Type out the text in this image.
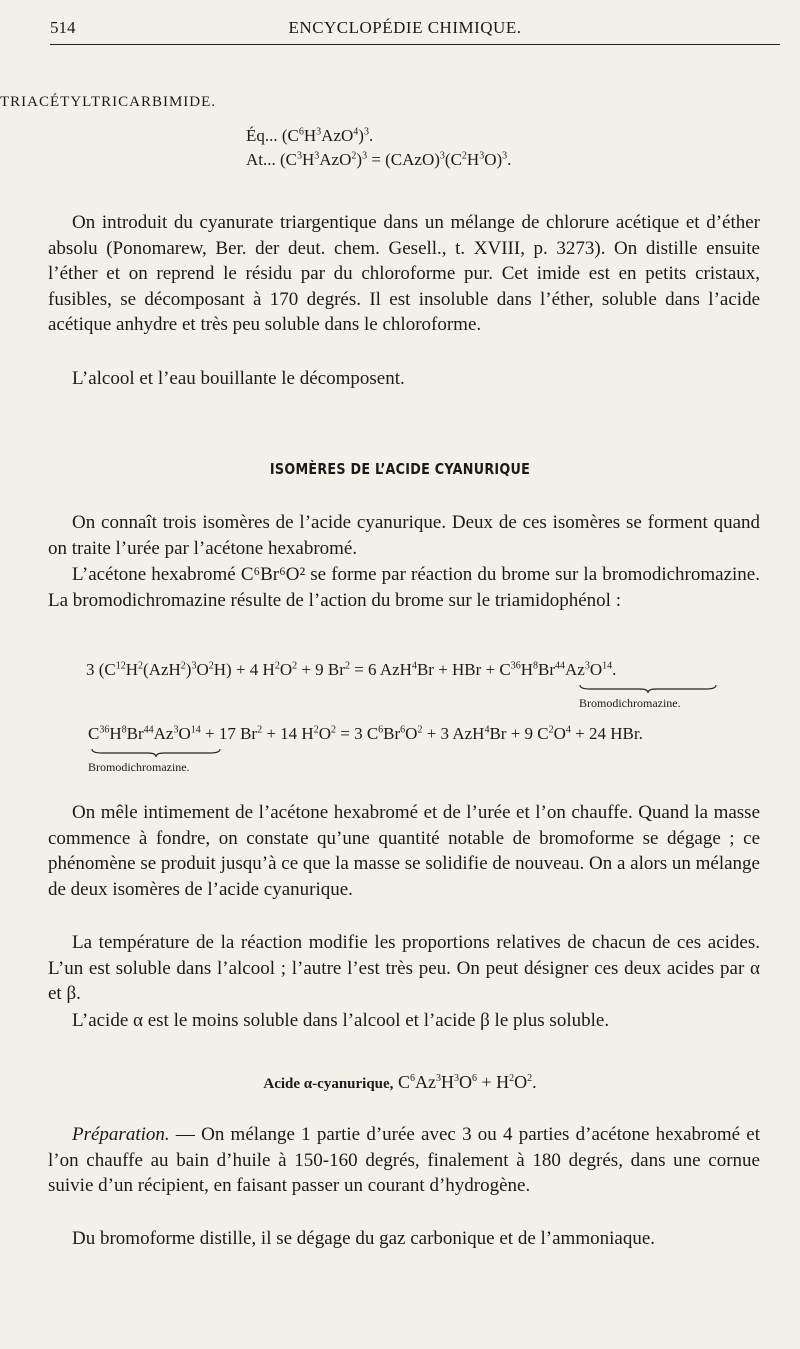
514	ENCYCLOPÉDIE CHIMIQUE.
TRIACÉTYLTRICARBIMIDE.
Éq... $(C^6H^3AzO^4)^3$.
At... $(C^3H^3AzO^2)^3$ = $(CAzO)^3(C^2H^3O)^3$.
On introduit du cyanurate triargentique dans un mélange de chlorure acétique et d’éther absolu (Ponomarew, Ber. der deut. chem. Gesell., t. XVIII, p. 3273). On distille ensuite l’éther et on reprend le résidu par du chloroforme pur. Cet imide est en petits cristaux, fusibles, se décomposant à 170 degrés. Il est insoluble dans l’éther, soluble dans l’acide acétique anhydre et très peu soluble dans le chloroforme.
L’alcool et l’eau bouillante le décomposent.
ISOMÈRES DE L’ACIDE CYANURIQUE
On connaît trois isomères de l’acide cyanurique. Deux de ces isomères se forment quand on traite l’urée par l’acétone hexabromé.
L’acétone hexabromé C⁶Br⁶O² se forme par réaction du brome sur la bromodichromazine. La bromodichromazine résulte de l’action du brome sur le triamidophénol :
3 $(C^{12}H^2(AzH^2)^3O^2H) + 4$ $H^2O^2 + 9$ $Br^2 = 6$ AzH$^4$Br + HBr + $C^{36}H^8Br^{44}Az^3O^{14}$.
Bromodichromazine.
$C^{36}H^8Br^{44}Az^3O^{14} + 17$ $Br^2 + 14$ $H^2O^2 = 3$ $C^6Br^6O^2 + 3$ AzH$^4$Br + 9 $C^2O^4 + 24$ HBr.
Bromodichromazine.
On mêle intimement de l’acétone hexabromé et de l’urée et l’on chauffe. Quand la masse commence à fondre, on constate qu’une quantité notable de bromoforme se dégage ; ce phénomène se produit jusqu’à ce que la masse se solidifie de nouveau. On a alors un mélange de deux isomères de l’acide cyanurique.
La température de la réaction modifie les proportions relatives de chacun de ces acides. L’un est soluble dans l’alcool ; l’autre l’est très peu. On peut désigner ces deux acides par α et β.
L’acide α est le moins soluble dans l’alcool et l’acide β le plus soluble.
Acide α-cyanurique, $C^6Az^3H^3O^6 + H^2O^2$.
Préparation. — On mélange 1 partie d’urée avec 3 ou 4 parties d’acétone hexabromé et l’on chauffe au bain d’huile à 150-160 degrés, finalement à 180 degrés, dans une cornue suivie d’un récipient, en faisant passer un courant d’hydrogène.
Du bromoforme distille, il se dégage du gaz carbonique et de l’ammoniaque.
